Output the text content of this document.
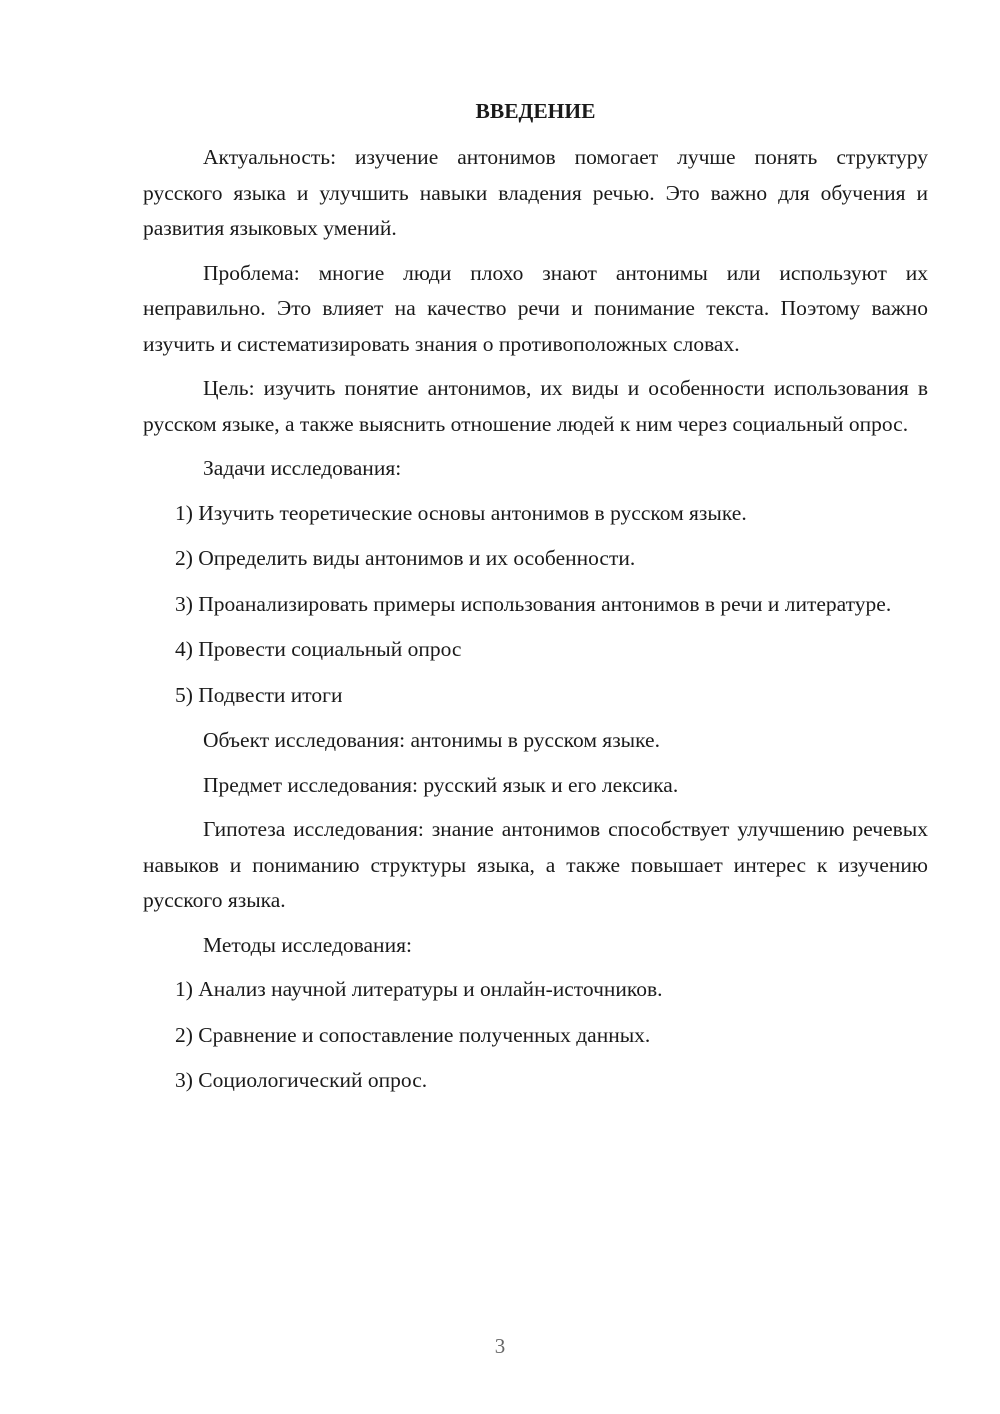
ВВЕДЕНИЕ

Актуальность: изучение антонимов помогает лучше понять структуру русского языка и улучшить навыки владения речью. Это важно для обучения и развития языковых умений.

Проблема: многие люди плохо знают антонимы или используют их неправильно. Это влияет на качество речи и понимание текста. Поэтому важно изучить и систематизировать знания о противоположных словах.

Цель: изучить понятие антонимов, их виды и особенности использования в русском языке, а также выяснить отношение людей к ним через социальный опрос.

Задачи исследования:

1) Изучить теоретические основы антонимов в русском языке.

2) Определить виды антонимов и их особенности.

3) Проанализировать примеры использования антонимов в речи и литературе.

4) Провести социальный опрос

5) Подвести итоги

Объект исследования: антонимы в русском языке.

Предмет исследования: русский язык и его лексика.

Гипотеза исследования: знание антонимов способствует улучшению речевых навыков и пониманию структуры языка, а также повышает интерес к изучению русского языка.

Методы исследования:

1) Анализ научной литературы и онлайн-источников.

2) Сравнение и сопоставление полученных данных.

3) Социологический опрос.

3
